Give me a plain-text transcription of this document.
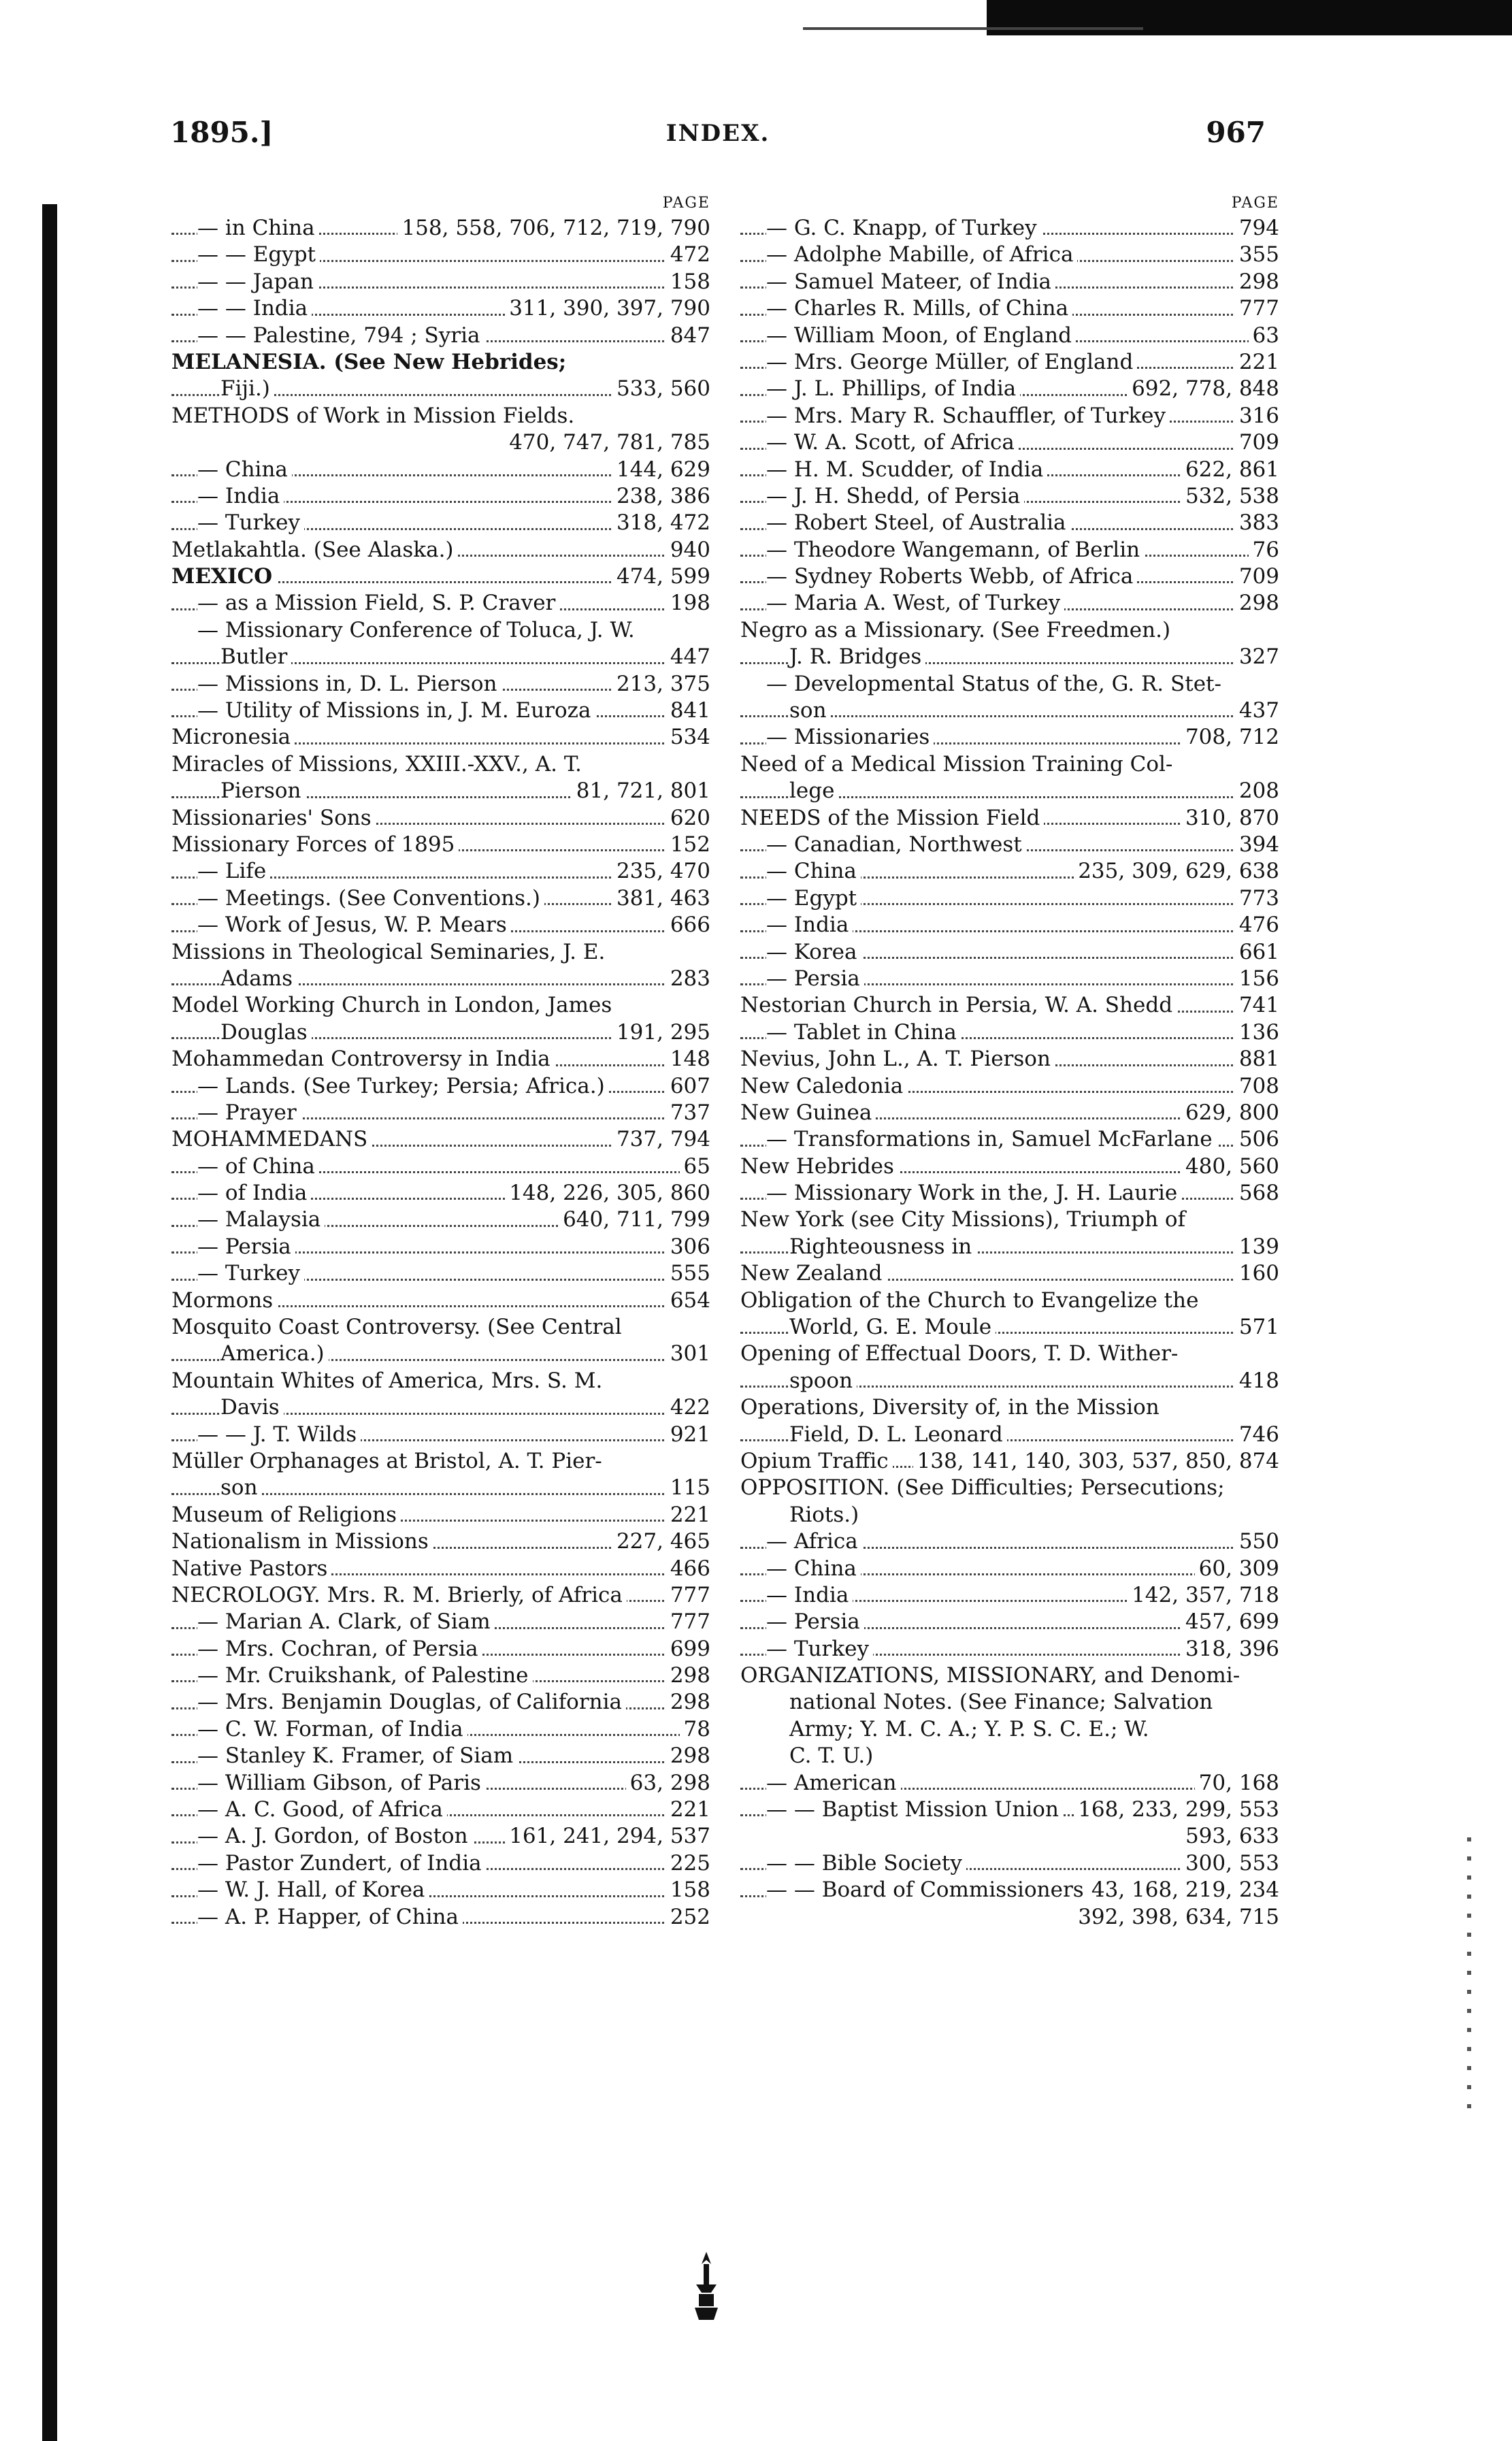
1895.]	INDEX.	967
PAGE
— in China	158, 558, 706, 712, 719, 790
— — Egypt	472
— — Japan	158
— — India	311, 390, 397, 790
— — Palestine, 794 ; Syria	847
MELANESIA. (See New Hebrides;
Fiji.)	533, 560
METHODS of Work in Mission Fields.
470, 747, 781, 785
— China	144, 629
— India	238, 386
— Turkey	318, 472
Metlakahtla. (See Alaska.)	940
MEXICO	474, 599
— as a Mission Field, S. P. Craver	198
— Missionary Conference of Toluca, J. W.
Butler	447
— Missions in, D. L. Pierson	213, 375
— Utility of Missions in, J. M. Euroza	841
Micronesia	534
Miracles of Missions, XXIII.-XXV., A. T.
Pierson	81, 721, 801
Missionaries' Sons	620
Missionary Forces of 1895	152
— Life	235, 470
— Meetings. (See Conventions.)	381, 463
— Work of Jesus, W. P. Mears	666
Missions in Theological Seminaries, J. E.
Adams	283
Model Working Church in London, James
Douglas	191, 295
Mohammedan Controversy in India	148
— Lands. (See Turkey; Persia; Africa.)	607
— Prayer	737
MOHAMMEDANS	737, 794
— of China	65
— of India	148, 226, 305, 860
— Malaysia	640, 711, 799
— Persia	306
— Turkey	555
Mormons	654
Mosquito Coast Controversy. (See Central
America.)	301
Mountain Whites of America, Mrs. S. M.
Davis	422
— — J. T. Wilds	921
Müller Orphanages at Bristol, A. T. Pier-
son	115
Museum of Religions	221
Nationalism in Missions	227, 465
Native Pastors	466
NECROLOGY. Mrs. R. M. Brierly, of Africa 777
— Marian A. Clark, of Siam	777
— Mrs. Cochran, of Persia	699
— Mr. Cruikshank, of Palestine	298
— Mrs. Benjamin Douglas, of California 298
— C. W. Forman, of India	78
— Stanley K. Framer, of Siam	298
— William Gibson, of Paris	63, 298
— A. C. Good, of Africa	221
— A. J. Gordon, of Boston 161, 241, 294, 537
— Pastor Zundert, of India	225
— W. J. Hall, of Korea	158
— A. P. Happer, of China	252
PAGE
— G. C. Knapp, of Turkey	794
— Adolphe Mabille, of Africa	355
— Samuel Mateer, of India	298
— Charles R. Mills, of China	777
— William Moon, of England	63
— Mrs. George Müller, of England	221
— J. L. Phillips, of India	692, 778, 848
— Mrs. Mary R. Schauffler, of Turkey	316
— W. A. Scott, of Africa	709
— H. M. Scudder, of India	622, 861
— J. H. Shedd, of Persia	532, 538
— Robert Steel, of Australia	383
— Theodore Wangemann, of Berlin	76
— Sydney Roberts Webb, of Africa	709
— Maria A. West, of Turkey	298
Negro as a Missionary. (See Freedmen.)
J. R. Bridges	327
— Developmental Status of the, G. R. Stet-
son	437
— Missionaries	708, 712
Need of a Medical Mission Training Col-
lege	208
NEEDS of the Mission Field	310, 870
— Canadian, Northwest	394
— China	235, 309, 629, 638
— Egypt	773
— India	476
— Korea	661
— Persia	156
Nestorian Church in Persia, W. A. Shedd	741
— Tablet in China	136
Nevius, John L., A. T. Pierson	881
New Caledonia	708
New Guinea	629, 800
— Transformations in, Samuel McFarlane 506
New Hebrides	480, 560
— Missionary Work in the, J. H. Laurie	568
New York (see City Missions), Triumph of
Righteousness in	139
New Zealand	160
Obligation of the Church to Evangelize the
World, G. E. Moule	571
Opening of Effectual Doors, T. D. Wither-
spoon	418
Operations, Diversity of, in the Mission
Field, D. L. Leonard	746
Opium Traffic 138, 141, 140, 303, 537, 850, 874
OPPOSITION. (See Difficulties; Persecutions;
Riots.)
— Africa	550
— China	60, 309
— India	142, 357, 718
— Persia	457, 699
— Turkey	318, 396
ORGANIZATIONS, MISSIONARY, and Denomi-
national Notes. (See Finance; Salvation
Army; Y. M. C. A.; Y. P. S. C. E.; W.
C. T. U.)
— American	70, 168
— — Baptist Mission Union 168, 233, 299, 553
593, 633
— — Bible Society	300, 553
— — Board of Commissioners 43, 168, 219, 234
392, 398, 634, 715
